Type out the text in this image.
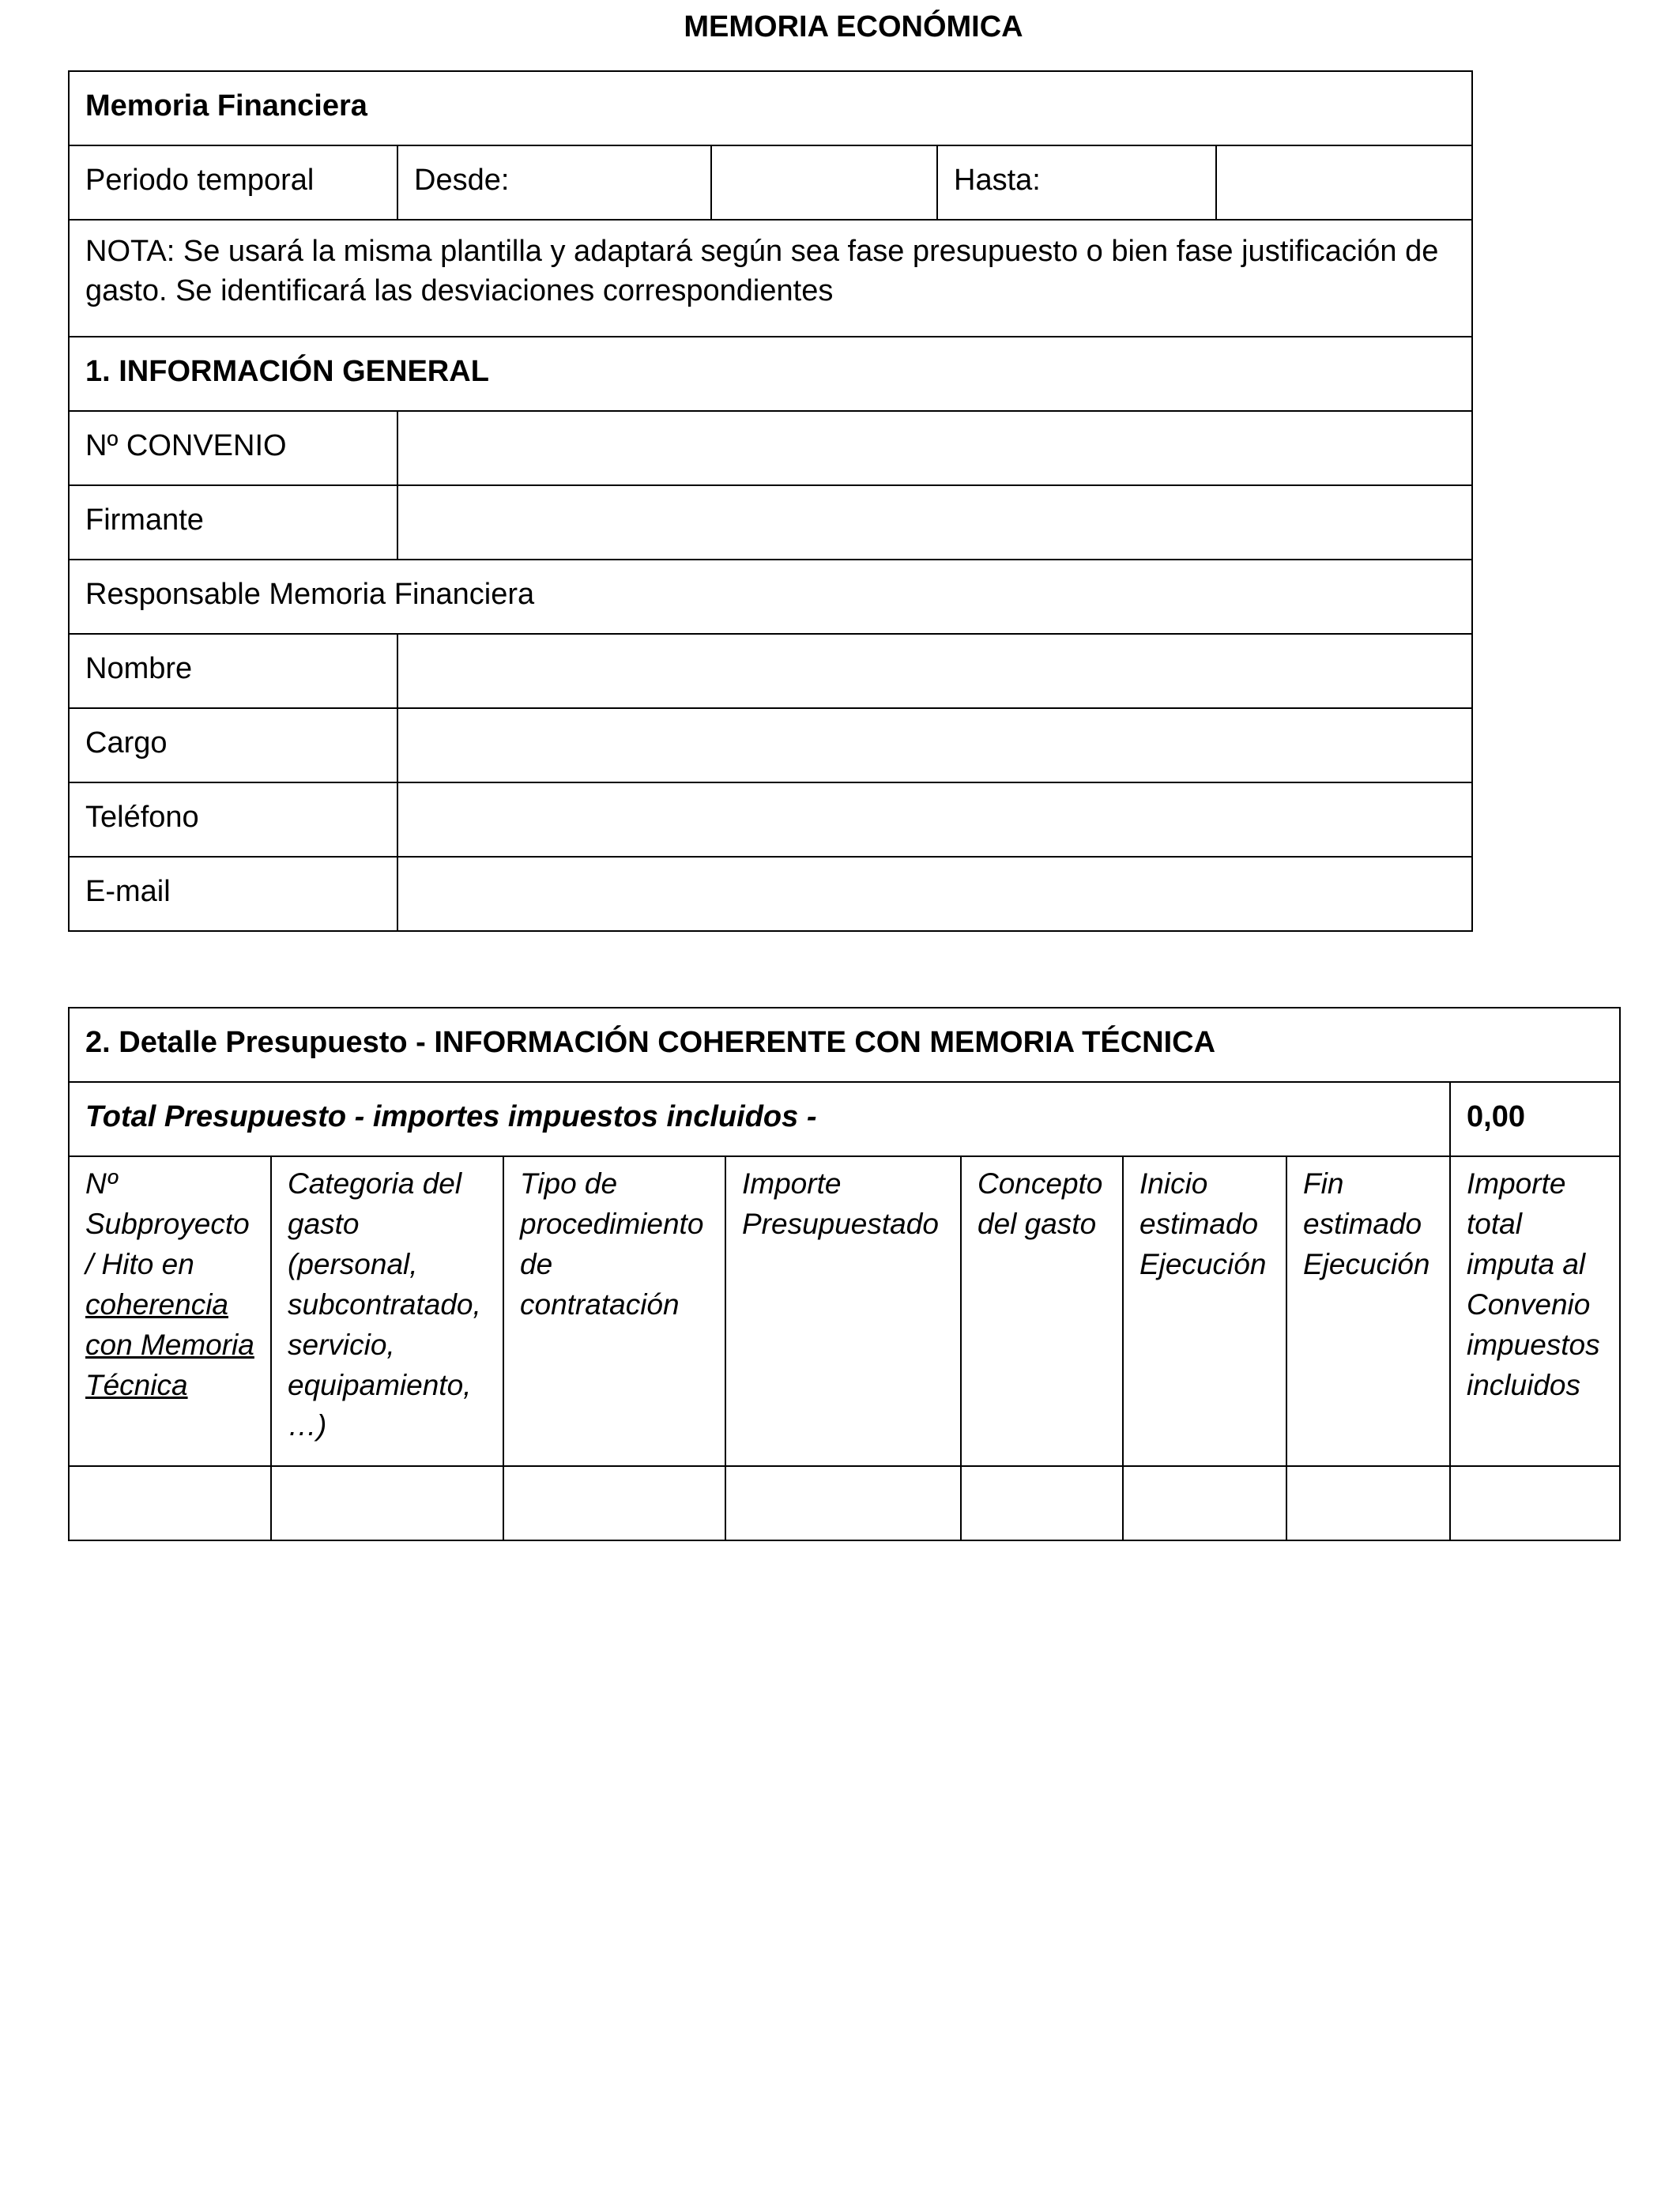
MEMORIA ECONÓMICA
Memoria Financiera				
Periodo temporal	Desde:		Hasta:	
NOTA: Se usará la misma plantilla y adaptará según sea fase presupuesto o bien fase justificación de gasto. Se identificará las desviaciones correspondientes				
1. INFORMACIÓN GENERAL				
Nº CONVENIO				
Firmante				
Responsable Memoria Financiera				
Nombre				
Cargo				
Teléfono				
E-mail				
2. Detalle Presupuesto - INFORMACIÓN COHERENTE CON MEMORIA TÉCNICA							
Total Presupuesto - importes impuestos incluidos -							0,00
Nº Subproyecto / Hito en coherencia con Memoria Técnica	Categoria del gasto (personal, subcontratado, servicio, equipamiento, …)	Tipo de procedimiento de contratación	Importe Presupuestado	Concepto del gasto	Inicio estimado Ejecución	Fin estimado Ejecución	Importe total imputa al Convenio impuestos incluidos
